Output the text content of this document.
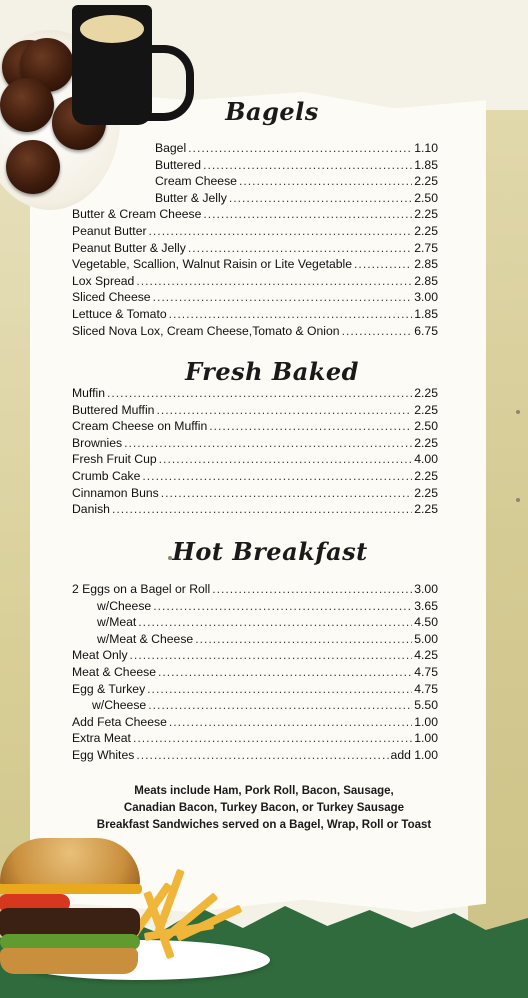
Bagels
Fresh Baked
Hot Breakfast
Bagel .....	1.10
Buttered .....	1.85
Cream Cheese .....	2.25
Butter & Jelly .....	2.50
Butter & Cream Cheese .....	2.25
Peanut Butter .....	2.25
Peanut Butter & Jelly .....	2.75
Vegetable, Scallion, Walnut Raisin or Lite Vegetable .....	2.85
Lox Spread .....	2.85
Sliced Cheese .....	3.00
Lettuce & Tomato .....	1.85
Sliced Nova Lox, Cream Cheese,Tomato & Onion .....	6.75
Muffin .....	2.25
Buttered Muffin .....	2.25
Cream Cheese on Muffin .....	2.50
Brownies .....	2.25
Fresh Fruit Cup .....	4.00
Crumb Cake .....	2.25
Cinnamon Buns .....	2.25
Danish .....	2.25
2 Eggs on a Bagel or Roll .....	3.00
w/Cheese .....	3.65
w/Meat .....	4.50
w/Meat & Cheese .....	5.00
Meat Only .....	4.25
Meat & Cheese .....	4.75
Egg & Turkey .....	4.75
w/Cheese .....	5.50
Add Feta Cheese .....	1.00
Extra Meat .....	1.00
Egg Whites .....	add 1.00
Meats include Ham, Pork Roll, Bacon, Sausage,
Canadian Bacon, Turkey Bacon, or Turkey Sausage
Breakfast Sandwiches served on a Bagel, Wrap, Roll or Toast
